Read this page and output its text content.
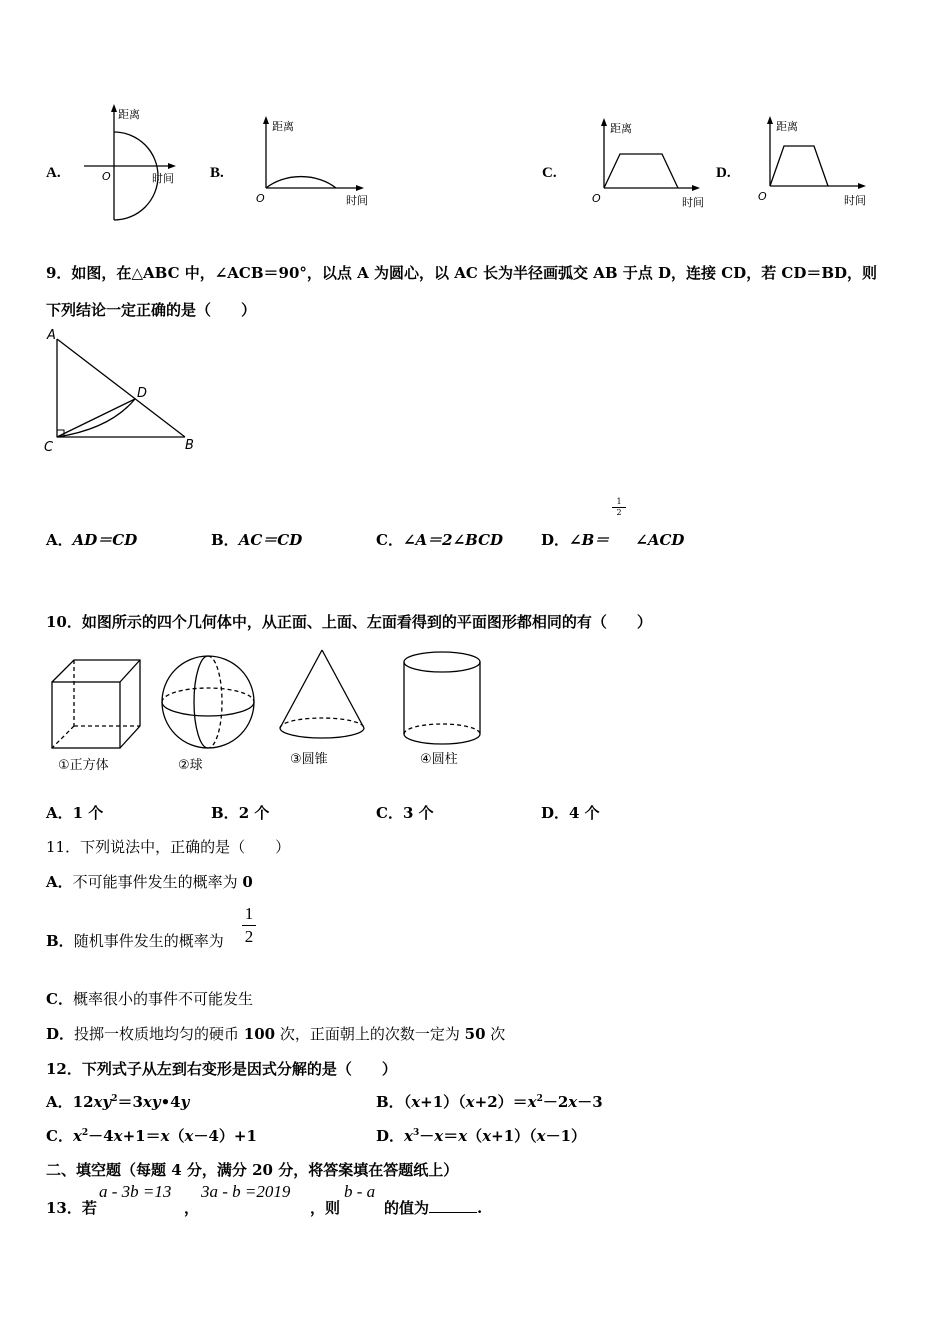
A.
距离
时间
O	B.
距离
时间
O
C.
距离
时间
O
D.
距离
时间
O
9．如图，在△ABC 中，∠ACB＝90°，以点 A 为圆心，以 AC 长为半径画弧交 AB 于点 D，连接 CD，若 CD＝BD，则
下列结论一定正确的是（　　）
A
D
C	B
A．AD＝CD	B．AC＝CD	C．∠A＝2∠BCD	D．∠B＝ ∠ACD
1
2
10．如图所示的四个几何体中，从正面、上面、左面看得到的平面图形都相同的有（　　）
①正方体	②球	③圆锥	④圆柱
A．1 个	B．2 个	C．3 个	D．4 个
11．下列说法中，正确的是（　　）
A．不可能事件发生的概率为 0
B．随机事件发生的概率为
1
2
C．概率很小的事件不可能发生
D．投掷一枚质地均匀的硬币 100 次，正面朝上的次数一定为 50 次
12．下列式子从左到右变形是因式分解的是（　　）
A．$12xy^2=3xy•4y$	B．$(x+1)(x+2)=x^2-2x-3$
C．$x^2-4x+1=x(x-4)+1$	D．$x^3-x=x(x+1)(x-1)$
二、填空题（每题 4 分，满分 20 分，将答案填在答题纸上）
13．若
a - 3b =13
，
3a - b =2019
，则
b - a
的值为	.
